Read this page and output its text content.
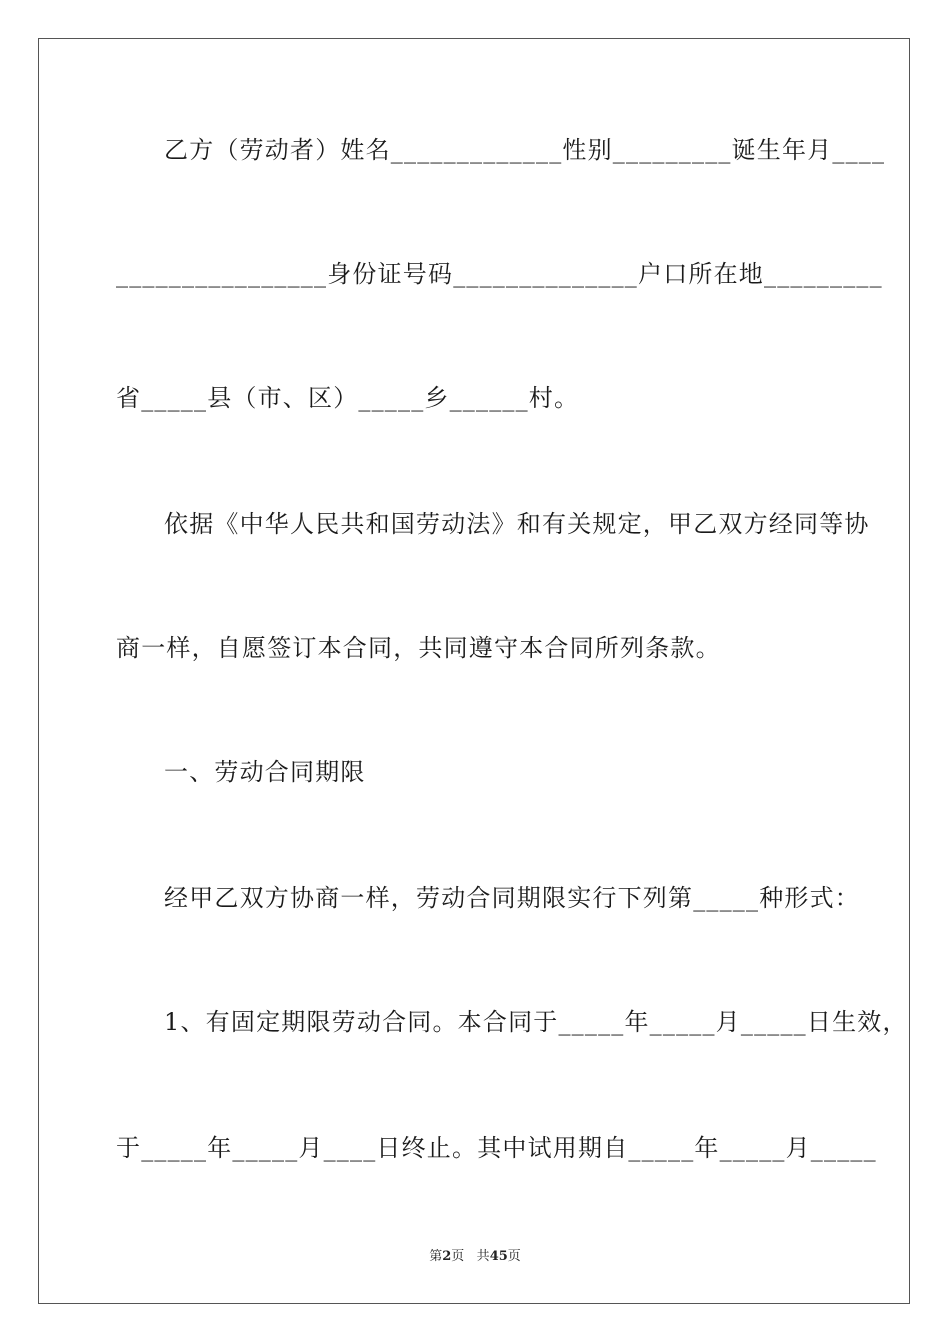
乙方（劳动者）姓名_____________性别_________诞生年月____
________________身份证号码______________户口所在地_________
省_____县（市、区）_____乡______村。
依据《中华人民共和国劳动法》和有关规定，甲乙双方经同等协
商一样，自愿签订本合同，共同遵守本合同所列条款。
一、劳动合同期限
经甲乙双方协商一样，劳动合同期限实行下列第_____种形式：
1、有固定期限劳动合同。本合同于_____年_____月_____日生效，
于_____年_____月____日终止。其中试用期自_____年_____月_____
第2页 共45页
